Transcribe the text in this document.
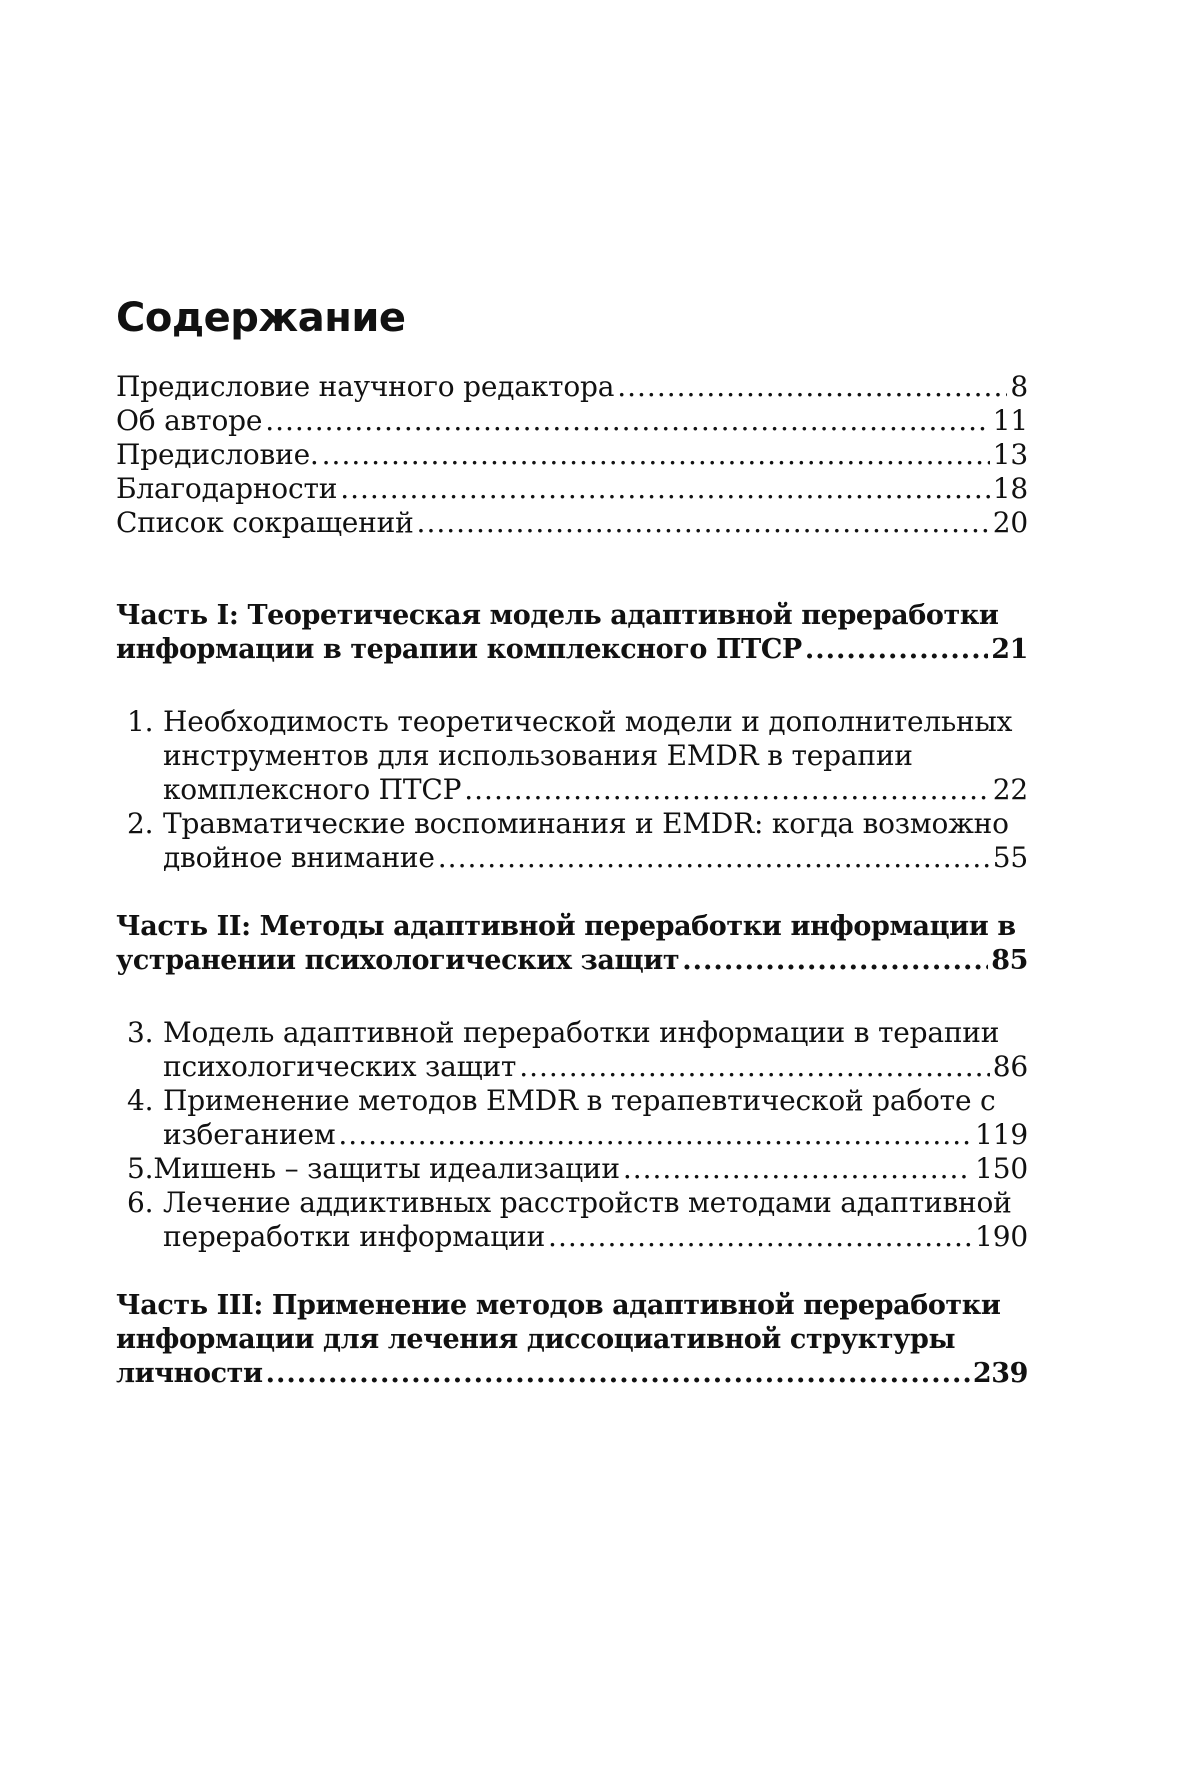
Содержание
Предисловие научного редактора .....	8
Об авторе .....	11
Предисловие. .....	13
Благодарности .....	18
Список сокращений .....	20
Часть I: Теоретическая модель адаптивной переработки
информации в терапии комплексного ПТСР .....	21
1. Необходимость теоретической модели и дополнительных
инструментов для использования EMDR в терапии
комплексного ПТСР .....	22
2. Травматические воспоминания и EMDR: когда возможно
двойное внимание .....	55
Часть II: Методы адаптивной переработки информации в
устранении психологических защит .....	85
3. Модель адаптивной переработки информации в терапии
психологических защит .....	86
4. Применение методов EMDR в терапевтической работе с
избеганием .....	119
5. Мишень – защиты идеализации .....	150
6. Лечение аддиктивных расстройств методами адаптивной
переработки информации .....	190
Часть III: Применение методов адаптивной переработки
информации для лечения диссоциативной структуры
личности .....	239
